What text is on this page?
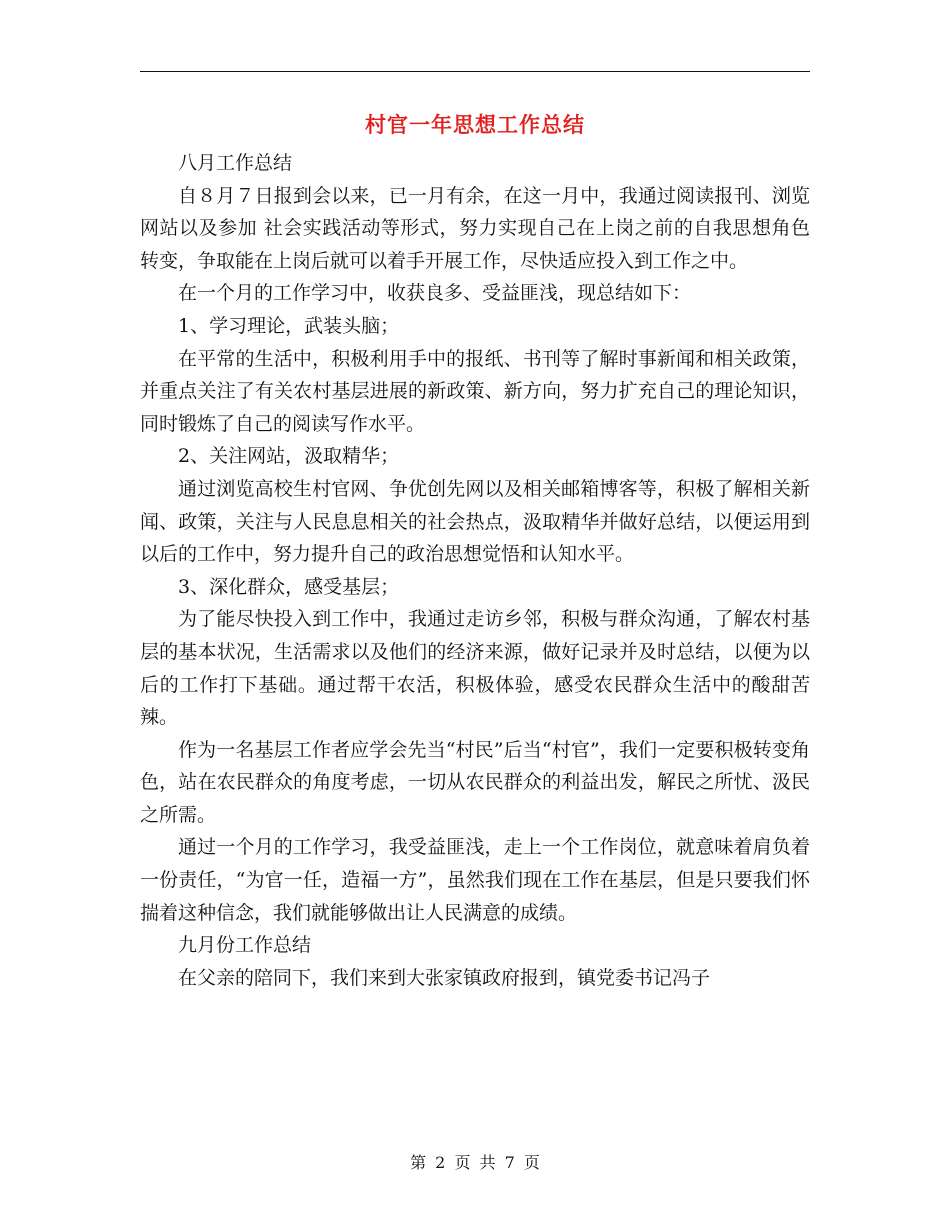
村官一年思想工作总结

八月工作总结

自８月７日报到会以来，已一月有余，在这一月中，我通过阅读报刊、浏览网站以及参加 社会实践活动等形式，努力实现自己在上岗之前的自我思想角色转变，争取能在上岗后就可以着手开展工作，尽快适应投入到工作之中。

在一个月的工作学习中，收获良多、受益匪浅，现总结如下：

1、学习理论，武装头脑；

在平常的生活中，积极利用手中的报纸、书刊等了解时事新闻和相关政策，并重点关注了有关农村基层进展的新政策、新方向，努力扩充自己的理论知识，同时锻炼了自己的阅读写作水平。

2、关注网站，汲取精华；

通过浏览高校生村官网、争优创先网以及相关邮箱博客等，积极了解相关新闻、政策，关注与人民息息相关的社会热点，汲取精华并做好总结，以便运用到以后的工作中，努力提升自己的政治思想觉悟和认知水平。

3、深化群众，感受基层；

为了能尽快投入到工作中，我通过走访乡邻，积极与群众沟通，了解农村基层的基本状况，生活需求以及他们的经济来源，做好记录并及时总结，以便为以后的工作打下基础。通过帮干农活，积极体验，感受农民群众生活中的酸甜苦辣。

作为一名基层工作者应学会先当“村民”后当“村官”，我们一定要积极转变角色，站在农民群众的角度考虑，一切从农民群众的利益出发，解民之所忧、汲民之所需。

通过一个月的工作学习，我受益匪浅，走上一个工作岗位，就意味着肩负着一份责任，“为官一任，造福一方”，虽然我们现在工作在基层，但是只要我们怀揣着这种信念，我们就能够做出让人民满意的成绩。

九月份工作总结

在父亲的陪同下，我们来到大张家镇政府报到，镇党委书记冯子

第 2 页 共 7 页
